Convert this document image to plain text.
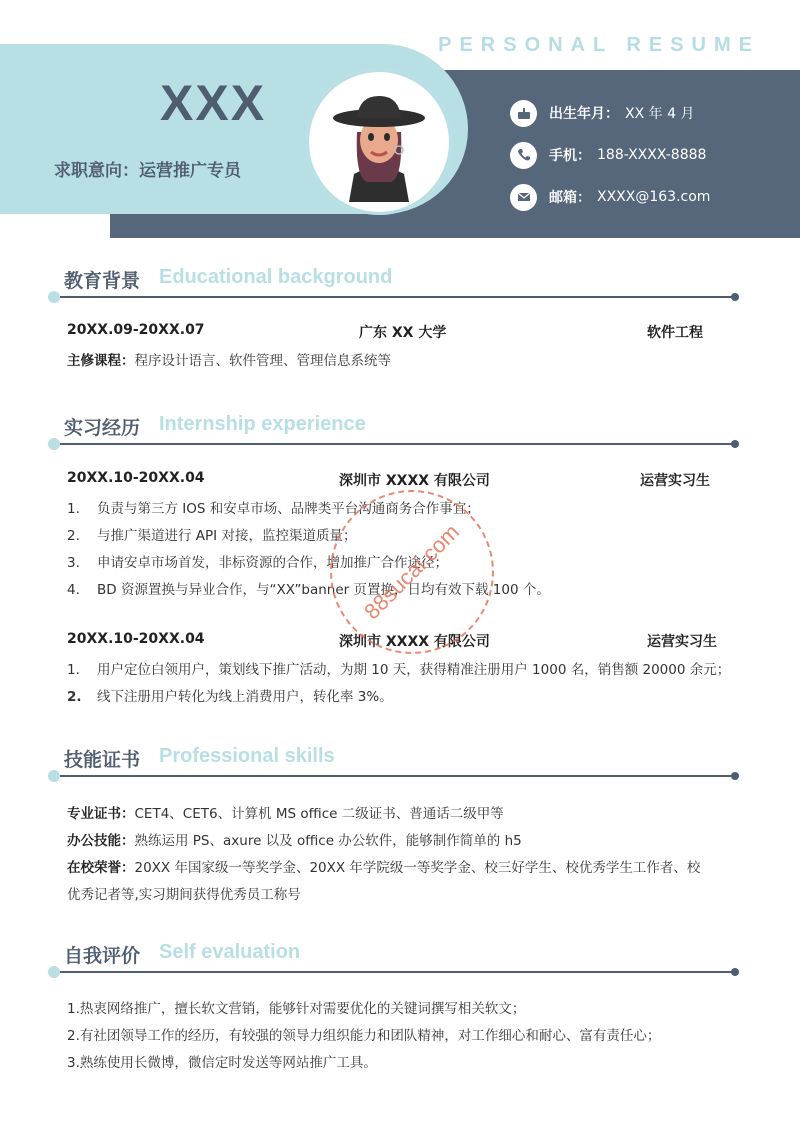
PERSONAL RESUME
XXX
求职意向：运营推广专员
出生年月： XX 年 4 月
手机： 188-XXXX-8888
邮箱： XXXX@163.com
教育背景 Educational background
20XX.09-20XX.07	广东 XX 大学	软件工程
主修课程：程序设计语言、软件管理、管理信息系统等
实习经历 Internship experience
20XX.10-20XX.04	深圳市 XXXX 有限公司	运营实习生
1. 负责与第三方 IOS 和安卓市场、品牌类平台沟通商务合作事宜；
2. 与推广渠道进行 API 对接，监控渠道质量；
3. 申请安卓市场首发，非标资源的合作，增加推广合作途径；
4. BD 资源置换与异业合作，与“XX”banner 页置换，日均有效下载 100 个。
20XX.10-20XX.04	深圳市 XXXX 有限公司	运营实习生
1. 用户定位白领用户，策划线下推广活动，为期 10 天，获得精准注册用户 1000 名，销售额 20000 余元；
2. 线下注册用户转化为线上消费用户，转化率 3%。
技能证书 Professional skills
专业证书：CET4、CET6、计算机 MS office 二级证书、普通话二级甲等
办公技能：熟练运用 PS、axure 以及 office 办公软件，能够制作简单的 h5
在校荣誉：20XX 年国家级一等奖学金、20XX 年学院级一等奖学金、校三好学生、校优秀学生工作者、校
优秀记者等,实习期间获得优秀员工称号
自我评价 Self evaluation
1.热衷网络推广，擅长软文营销，能够针对需要优化的关键词撰写相关软文；
2.有社团领导工作的经历，有较强的领导力组织能力和团队精神，对工作细心和耐心、富有责任心；
3.熟练使用长微博，微信定时发送等网站推广工具。
88sucai.com
